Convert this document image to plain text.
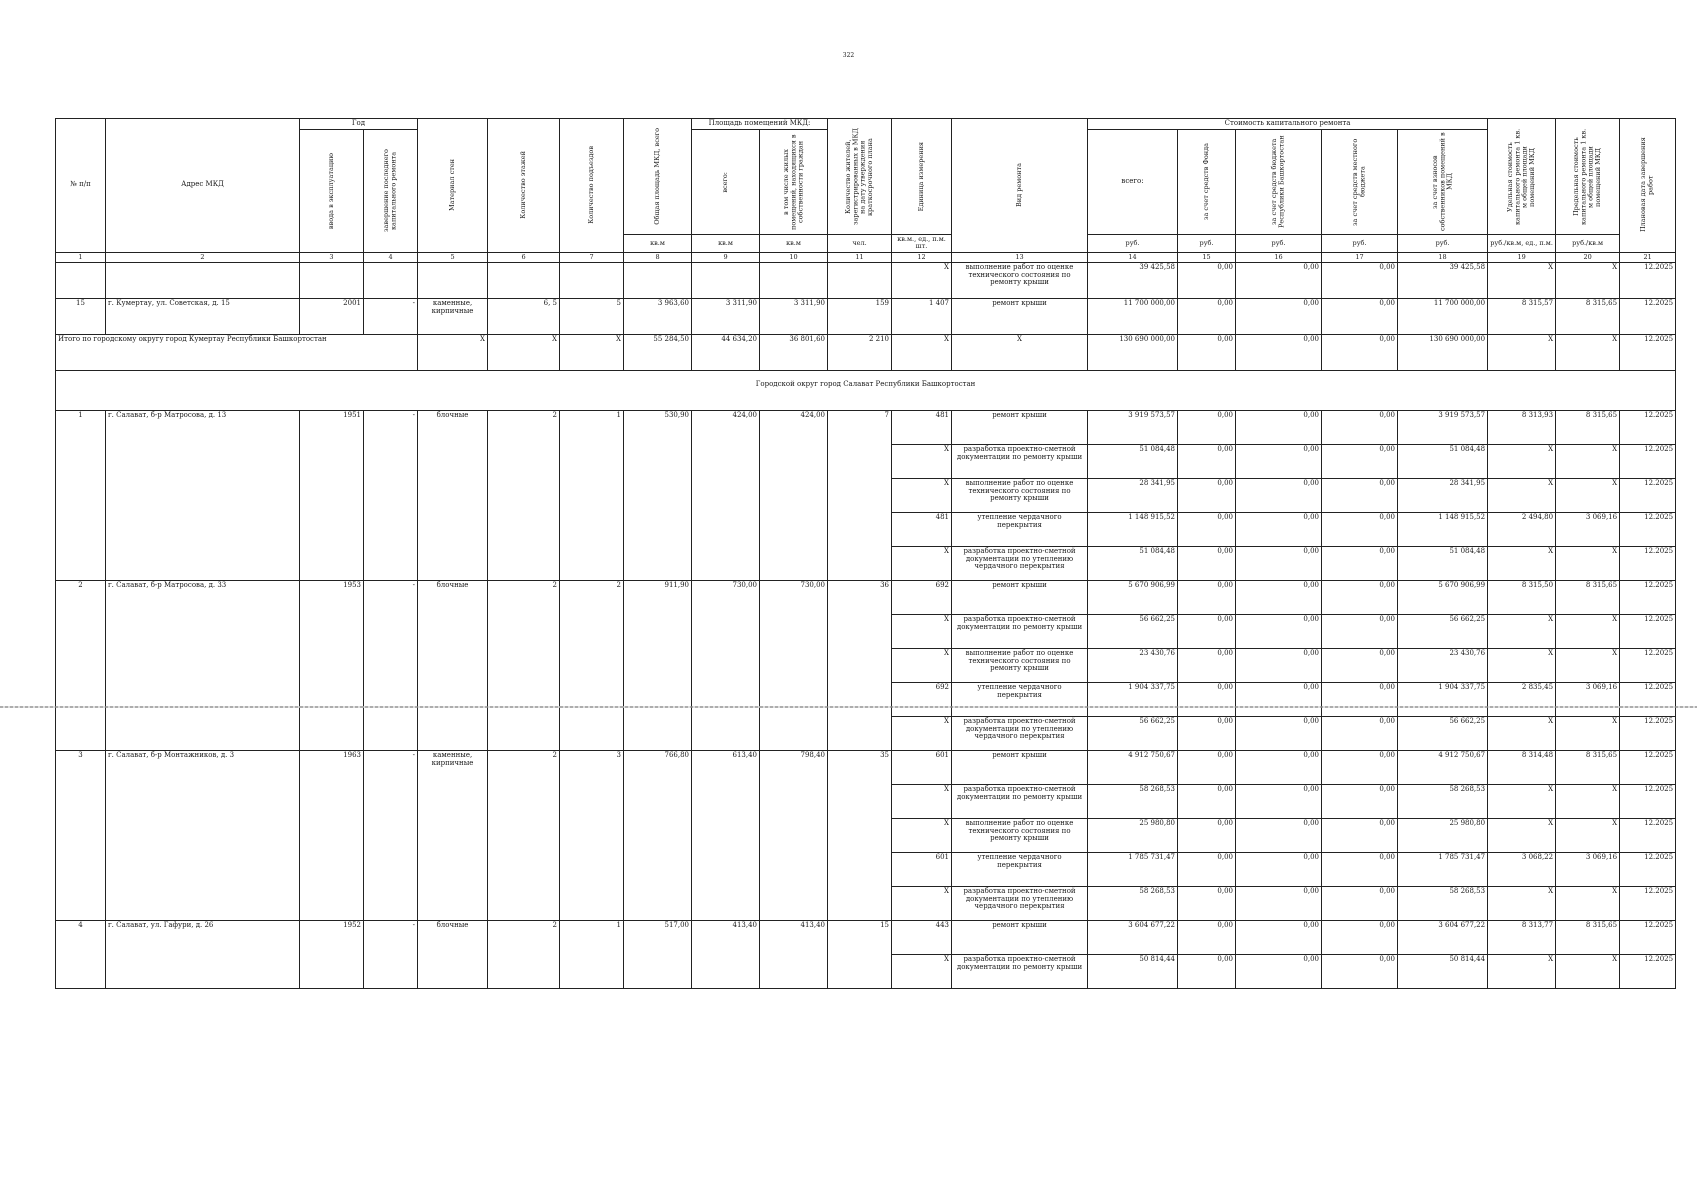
322
№ п/п	Адрес МКД	Год		Материал стен	Количество этажей	Количество подъездов	Общая площадь МКД, всего	Площадь помещений МКД:		Количество жителей, зарегистрированных в МКД на дату утверждения краткосрочного плана	Единица измерения	Вид ремонта	Стоимость капитального ремонта					Удельная стоимость капитального ремонта 1 кв. м общей площади помещений МКД	Предельная стоимость капитального ремонта 1 кв. м общей площади помещений МКД	Плановая дата завершения работ

		ввода в эксплуатацию	завершение последнего капитального ремонта					всего:	в том числе жилых помещений, находящихся в собственности граждан				всего:	за счет средств Фонда	за счет средств бюджета Республики Башкортостан	за счет средств местного бюджета	за счет взносов собственников помещений в МКД			

							кв.м	кв.м	кв.м	чел.	кв.м., ед., п.м. шт.		руб.	руб.	руб.	руб.	руб.	руб./кв.м, ед., п.м.	руб./кв.м	
1	2	3	4	5	6	7	8	9	10	11	12	13	14	15	16	17	18	19	20	21
											X	выполнение работ по оценке технического состояния по ремонту крыши	39 425,58	0,00	0,00	0,00	39 425,58	X	X	12.2025
15	г. Кумертау, ул. Советская, д. 15	2001	-	каменные, кирпичные	6, 5	5	3 963,60	3 311,90	3 311,90	159	1 407	ремонт крыши	11 700 000,00	0,00	0,00	0,00	11 700 000,00	8 315,57	8 315,65	12.2025
Итого по городскому округу город Кумертау Республики Башкортостан				X	X	X	55 284,50	44 634,20	36 801,60	2 210	X	X	130 690 000,00	0,00	0,00	0,00	130 690 000,00	X	X	12.2025
Городской округ город Салават Республики Башкортостан																				
1	г. Салават, б-р Матросова, д. 13	1951	-	блочные	2	1	530,90	424,00	424,00	7	481	ремонт крыши	3 919 573,57	0,00	0,00	0,00	3 919 573,57	8 313,93	8 315,65	12.2025
											X	разработка проектно-сметной документации по ремонту крыши	51 084,48	0,00	0,00	0,00	51 084,48	X	X	12.2025
											X	выполнение работ по оценке технического состояния по ремонту крыши	28 341,95	0,00	0,00	0,00	28 341,95	X	X	12.2025
											481	утепление чердачного перекрытия	1 148 915,52	0,00	0,00	0,00	1 148 915,52	2 494,80	3 069,16	12.2025
											X	разработка проектно-сметной документации по утеплению чердачного перекрытия	51 084,48	0,00	0,00	0,00	51 084,48	X	X	12.2025
2	г. Салават, б-р Матросова, д. 33	1953	-	блочные	2	2	911,90	730,00	730,00	36	692	ремонт крыши	5 670 906,99	0,00	0,00	0,00	5 670 906,99	8 315,50	8 315,65	12.2025
											X	разработка проектно-сметной документации по ремонту крыши	56 662,25	0,00	0,00	0,00	56 662,25	X	X	12.2025
											X	выполнение работ по оценке технического состояния по ремонту крыши	23 430,76	0,00	0,00	0,00	23 430,76	X	X	12.2025
											692	утепление чердачного перекрытия	1 904 337,75	0,00	0,00	0,00	1 904 337,75	2 835,45	3 069,16	12.2025
											X	разработка проектно-сметной документации по утеплению чердачного перекрытия	56 662,25	0,00	0,00	0,00	56 662,25	X	X	12.2025
3	г. Салават, б-р Монтажников, д. 3	1963	-	каменные, кирпичные	2	3	766,80	613,40	798,40	35	601	ремонт крыши	4 912 750,67	0,00	0,00	0,00	4 912 750,67	8 314,48	8 315,65	12.2025
											X	разработка проектно-сметной документации по ремонту крыши	58 268,53	0,00	0,00	0,00	58 268,53	X	X	12.2025
											X	выполнение работ по оценке технического состояния по ремонту крыши	25 980,80	0,00	0,00	0,00	25 980,80	X	X	12.2025
											601	утепление чердачного перекрытия	1 785 731,47	0,00	0,00	0,00	1 785 731,47	3 068,22	3 069,16	12.2025
											X	разработка проектно-сметной документации по утеплению чердачного перекрытия	58 268,53	0,00	0,00	0,00	58 268,53	X	X	12.2025
4	г. Салават, ул. Гафури, д. 26	1952	-	блочные	2	1	517,00	413,40	413,40	15	443	ремонт крыши	3 604 677,22	0,00	0,00	0,00	3 604 677,22	8 313,77	8 315,65	12.2025
											X	разработка проектно-сметной документации по ремонту крыши	50 814,44	0,00	0,00	0,00	50 814,44	X	X	12.2025
